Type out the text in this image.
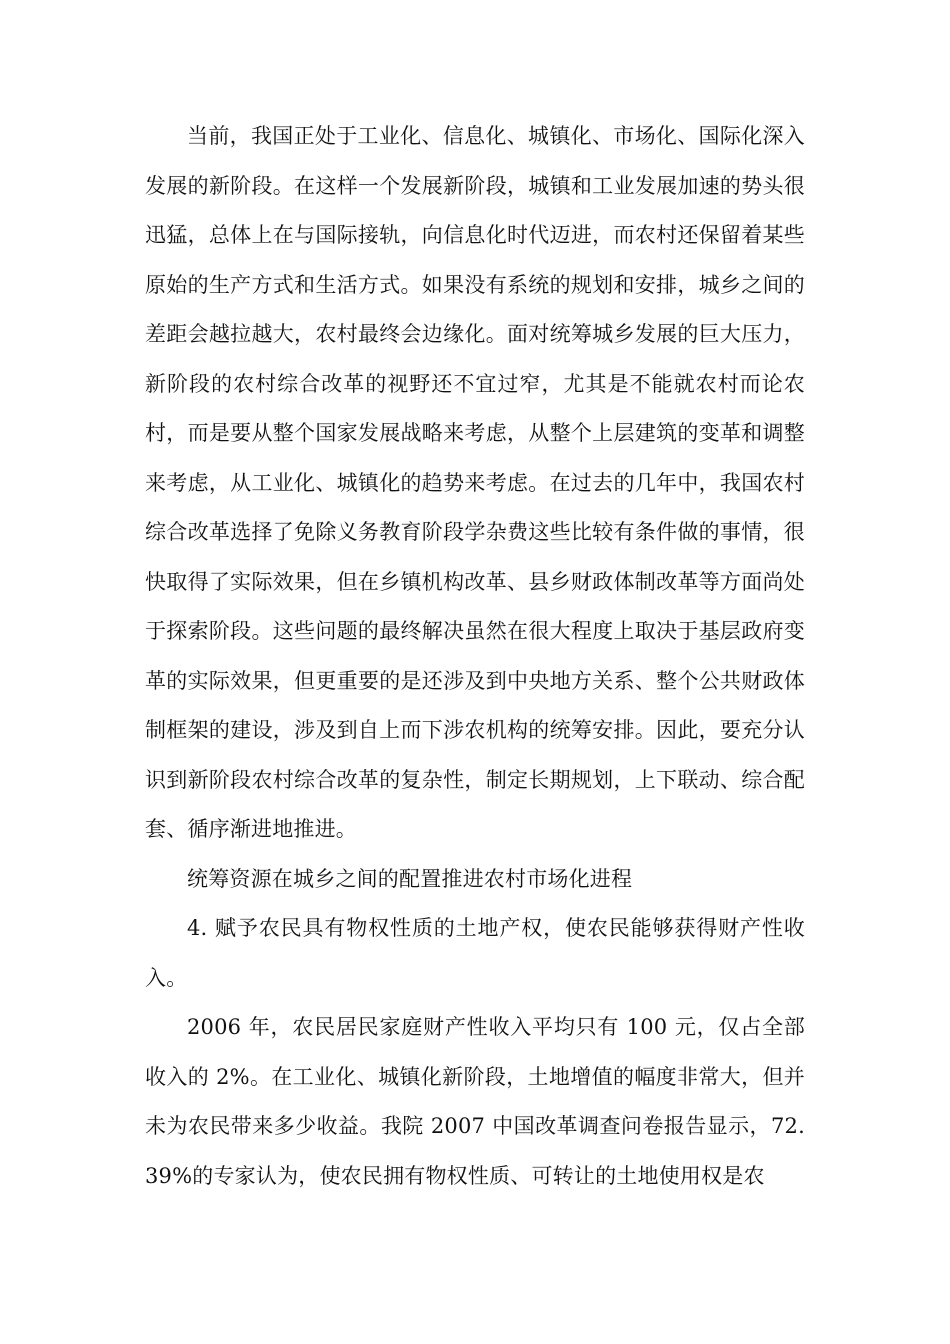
当前，我国正处于工业化、信息化、城镇化、市场化、国际化深入发展的新阶段。在这样一个发展新阶段，城镇和工业发展加速的势头很迅猛，总体上在与国际接轨，向信息化时代迈进，而农村还保留着某些原始的生产方式和生活方式。如果没有系统的规划和安排，城乡之间的差距会越拉越大，农村最终会边缘化。面对统筹城乡发展的巨大压力，新阶段的农村综合改革的视野还不宜过窄，尤其是不能就农村而论农村，而是要从整个国家发展战略来考虑，从整个上层建筑的变革和调整来考虑，从工业化、城镇化的趋势来考虑。在过去的几年中，我国农村综合改革选择了免除义务教育阶段学杂费这些比较有条件做的事情，很快取得了实际效果，但在乡镇机构改革、县乡财政体制改革等方面尚处于探索阶段。这些问题的最终解决虽然在很大程度上取决于基层政府变革的实际效果，但更重要的是还涉及到中央地方关系、整个公共财政体制框架的建设，涉及到自上而下涉农机构的统筹安排。因此，要充分认识到新阶段农村综合改革的复杂性，制定长期规划，上下联动、综合配套、循序渐进地推进。

统筹资源在城乡之间的配置推进农村市场化进程

4. 赋予农民具有物权性质的土地产权，使农民能够获得财产性收入。

2006 年，农民居民家庭财产性收入平均只有 100 元，仅占全部收入的 2%。在工业化、城镇化新阶段，土地增值的幅度非常大，但并未为农民带来多少收益。我院 2007 中国改革调查问卷报告显示，72.39%的专家认为，使农民拥有物权性质、可转让的土地使用权是农
